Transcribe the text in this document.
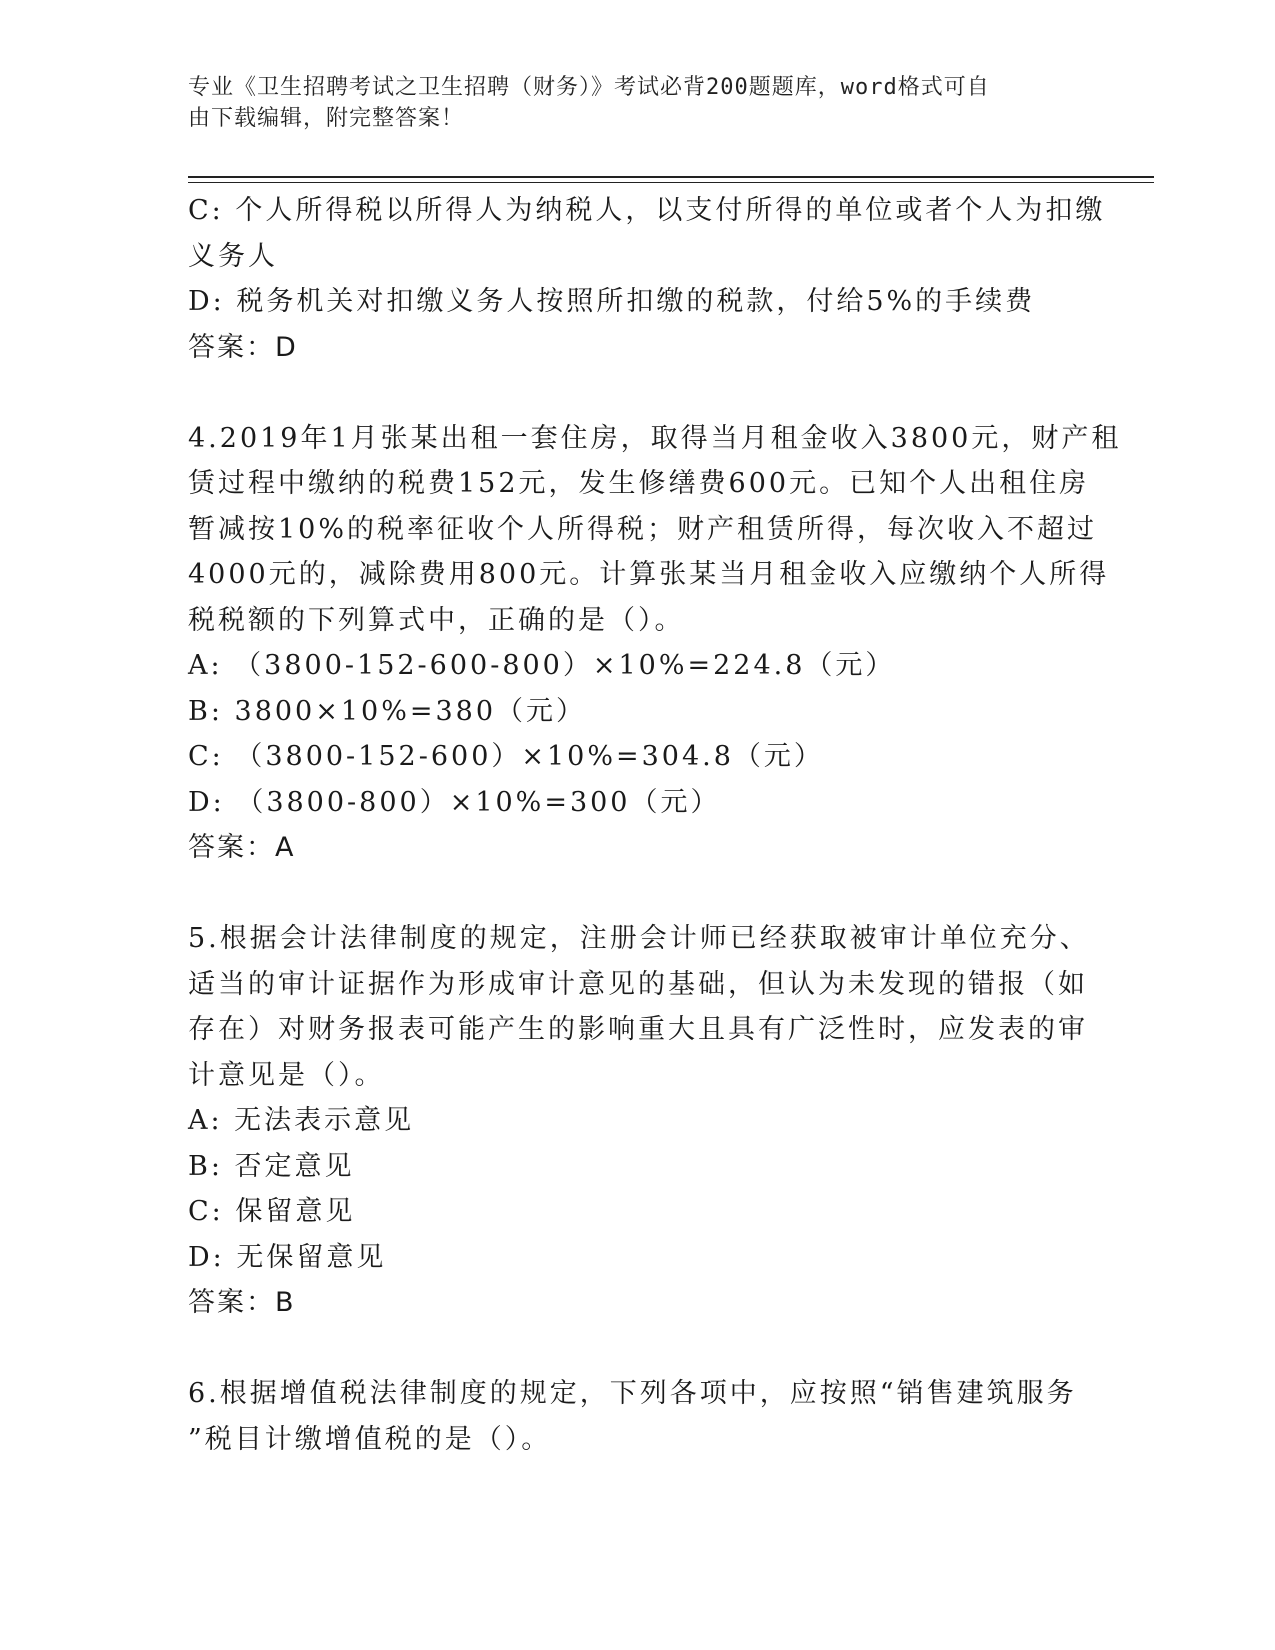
专业《卫生招聘考试之卫生招聘（财务）》考试必背200题题库，word格式可自
由下载编辑，附完整答案！
C: 个人所得税以所得人为纳税人，以支付所得的单位或者个人为扣缴
义务人
D: 税务机关对扣缴义务人按照所扣缴的税款，付给5%的手续费
答案：D
4.2019年1月张某出租一套住房，取得当月租金收入3800元，财产租
赁过程中缴纳的税费152元，发生修缮费600元。已知个人出租住房
暂减按10%的税率征收个人所得税；财产租赁所得，每次收入不超过
4000元的，减除费用800元。计算张某当月租金收入应缴纳个人所得
税税额的下列算式中，正确的是（）。
A: （3800-152-600-800）×10%=224.8（元）
B: 3800×10%=380（元）
C: （3800-152-600）×10%=304.8（元）
D: （3800-800）×10%=300（元）
答案：A
5.根据会计法律制度的规定，注册会计师已经获取被审计单位充分、
适当的审计证据作为形成审计意见的基础，但认为未发现的错报（如
存在）对财务报表可能产生的影响重大且具有广泛性时，应发表的审
计意见是（）。
A: 无法表示意见
B: 否定意见
C: 保留意见
D: 无保留意见
答案：B
6.根据增值税法律制度的规定，下列各项中，应按照“销售建筑服务
”税目计缴增值税的是（）。
